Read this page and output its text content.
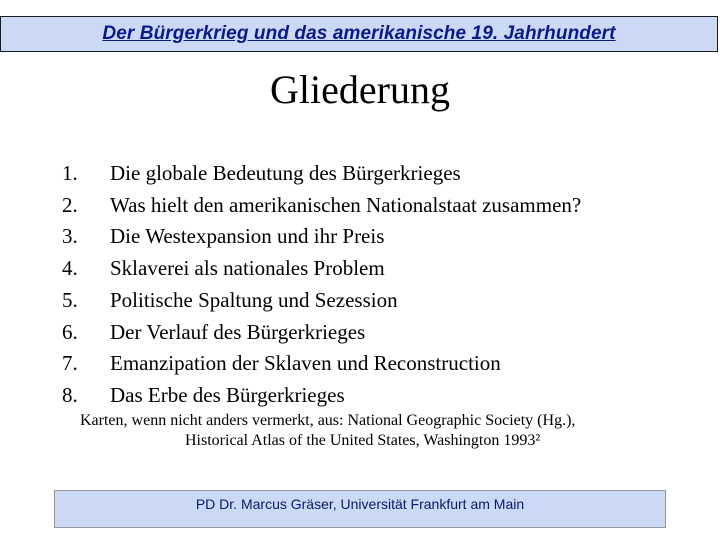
Der Bürgerkrieg und das amerikanische 19. Jahrhundert
Gliederung
1.	Die globale Bedeutung des Bürgerkrieges
2.	Was hielt den amerikanischen Nationalstaat zusammen?
3.	Die Westexpansion und ihr Preis
4.	Sklaverei als nationales Problem
5.	Politische Spaltung und Sezession
6.	Der Verlauf des Bürgerkrieges
7.	Emanzipation der Sklaven und Reconstruction
8.	Das Erbe des Bürgerkrieges
Karten, wenn nicht anders vermerkt, aus: National Geographic Society (Hg.),
Historical Atlas of the United States, Washington 1993²
PD Dr. Marcus Gräser, Universität Frankfurt am Main
